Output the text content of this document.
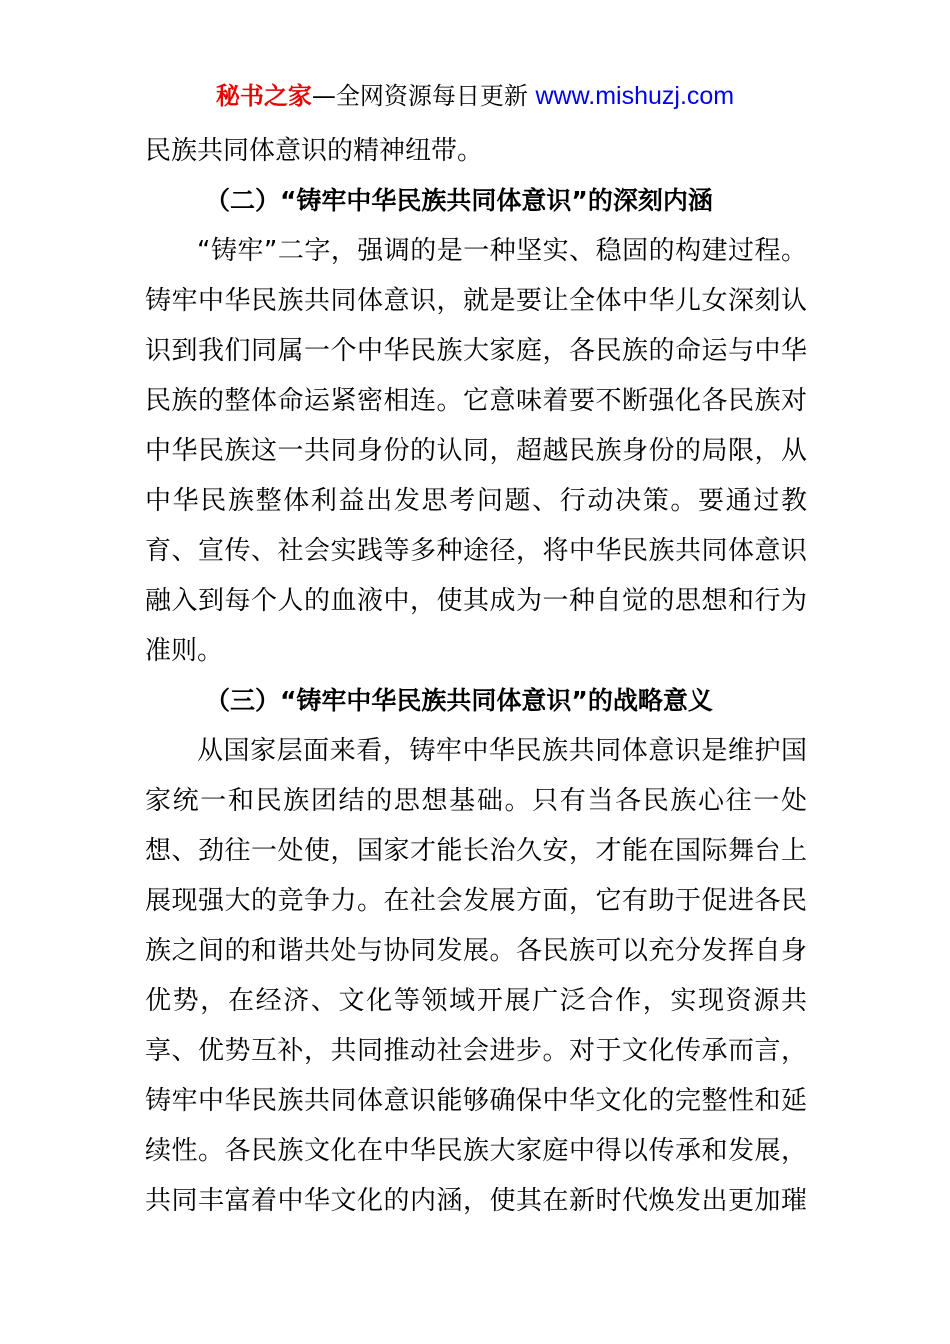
秘书之家—全网资源每日更新 www.mishuzj.com
民族共同体意识的精神纽带。
（二）“铸牢中华民族共同体意识”的深刻内涵
“铸牢”二字，强调的是一种坚实、稳固的构建过程。
铸牢中华民族共同体意识，就是要让全体中华儿女深刻认
识到我们同属一个中华民族大家庭，各民族的命运与中华
民族的整体命运紧密相连。它意味着要不断强化各民族对
中华民族这一共同身份的认同，超越民族身份的局限，从
中华民族整体利益出发思考问题、行动决策。要通过教
育、宣传、社会实践等多种途径，将中华民族共同体意识
融入到每个人的血液中，使其成为一种自觉的思想和行为
准则。
（三）“铸牢中华民族共同体意识”的战略意义
从国家层面来看，铸牢中华民族共同体意识是维护国
家统一和民族团结的思想基础。只有当各民族心往一处
想、劲往一处使，国家才能长治久安，才能在国际舞台上
展现强大的竞争力。在社会发展方面，它有助于促进各民
族之间的和谐共处与协同发展。各民族可以充分发挥自身
优势，在经济、文化等领域开展广泛合作，实现资源共
享、优势互补，共同推动社会进步。对于文化传承而言，
铸牢中华民族共同体意识能够确保中华文化的完整性和延
续性。各民族文化在中华民族大家庭中得以传承和发展，
共同丰富着中华文化的内涵，使其在新时代焕发出更加璀
